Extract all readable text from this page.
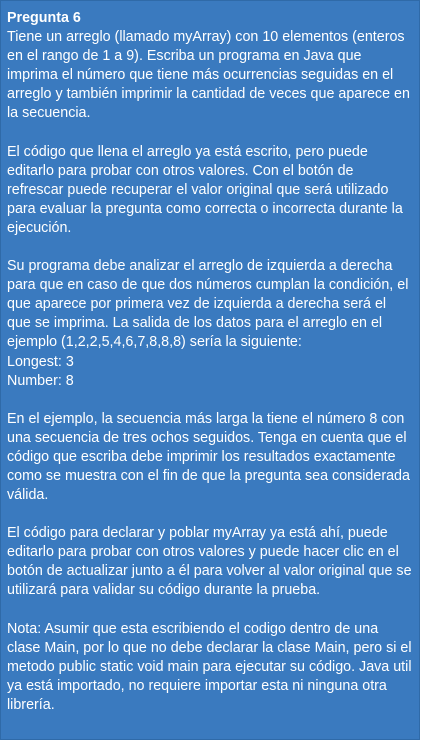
Pregunta 6

Tiene un arreglo (llamado myArray) con 10 elementos (enteros en el rango de 1 a 9). Escriba un programa en Java que imprima el número que tiene más ocurrencias seguidas en el arreglo y también imprimir la cantidad de veces que aparece en la secuencia.

El código que llena el arreglo ya está escrito, pero puede editarlo para probar con otros valores. Con el botón de refrescar puede recuperar el valor original que será utilizado para evaluar la pregunta como correcta o incorrecta durante la ejecución.

Su programa debe analizar el arreglo de izquierda a derecha para que en caso de que dos números cumplan la condición, el que aparece por primera vez de izquierda a derecha será el que se imprima. La salida de los datos para el arreglo en el ejemplo (1,2,2,5,4,6,7,8,8,8) sería la siguiente:
Longest: 3
Number: 8

En el ejemplo, la secuencia más larga la tiene el número 8 con una secuencia de tres ochos seguidos. Tenga en cuenta que el código que escriba debe imprimir los resultados exactamente como se muestra con el fin de que la pregunta sea considerada válida.

El código para declarar y poblar myArray ya está ahí, puede editarlo para probar con otros valores y puede hacer clic en el botón de actualizar junto a él para volver al valor original que se utilizará para validar su código durante la prueba.

Nota: Asumir que esta escribiendo el codigo dentro de una clase Main, por lo que no debe declarar la clase Main, pero si el metodo public static void main para ejecutar su código. Java util ya está importado, no requiere importar esta ni ninguna otra librería.
